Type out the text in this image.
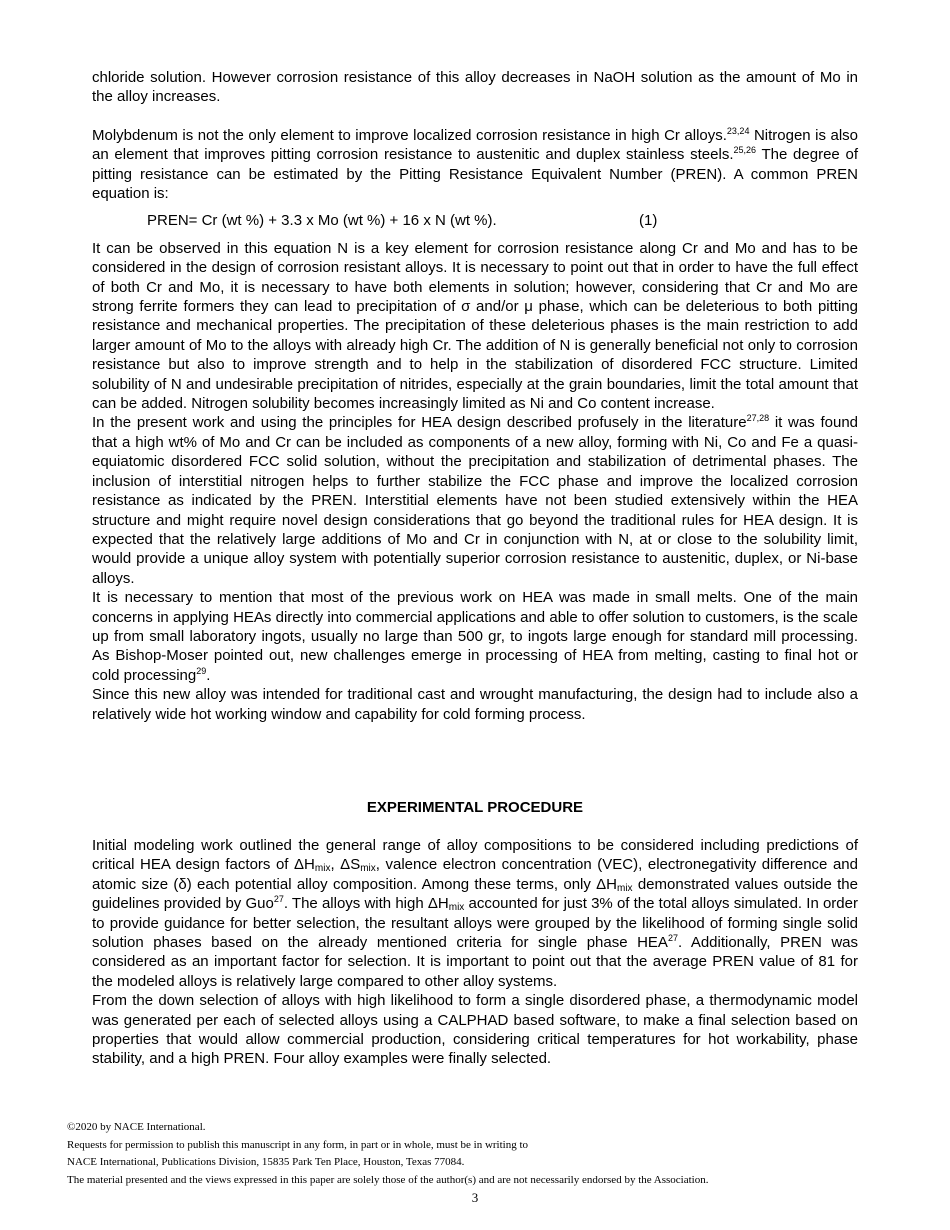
chloride solution. However corrosion resistance of this alloy decreases in NaOH solution as the amount of Mo in the alloy increases.

Molybdenum is not the only element to improve localized corrosion resistance in high Cr alloys.$^{23,24}$ Nitrogen is also an element that improves pitting corrosion resistance to austenitic and duplex stainless steels.$^{25,26}$ The degree of pitting resistance can be estimated by the Pitting Resistance Equivalent Number (PREN). A common PREN equation is:

PREN= Cr (wt %) + 3.3 x Mo (wt %) + 16 x N (wt %).	(1)

It can be observed in this equation N is a key element for corrosion resistance along Cr and Mo and has to be considered in the design of corrosion resistant alloys. It is necessary to point out that in order to have the full effect of both Cr and Mo, it is necessary to have both elements in solution; however, considering that Cr and Mo are strong ferrite formers they can lead to precipitation of σ and/or μ phase, which can be deleterious to both pitting resistance and mechanical properties. The precipitation of these deleterious phases is the main restriction to add larger amount of Mo to the alloys with already high Cr. The addition of N is generally beneficial not only to corrosion resistance but also to improve strength and to help in the stabilization of disordered FCC structure. Limited solubility of N and undesirable precipitation of nitrides, especially at the grain boundaries, limit the total amount that can be added. Nitrogen solubility becomes increasingly limited as Ni and Co content increase.

In the present work and using the principles for HEA design described profusely in the literature$^{27,28}$ it was found that a high wt% of Mo and Cr can be included as components of a new alloy, forming with Ni, Co and Fe a quasi-equiatomic disordered FCC solid solution, without the precipitation and stabilization of detrimental phases. The inclusion of interstitial nitrogen helps to further stabilize the FCC phase and improve the localized corrosion resistance as indicated by the PREN. Interstitial elements have not been studied extensively within the HEA structure and might require novel design considerations that go beyond the traditional rules for HEA design. It is expected that the relatively large additions of Mo and Cr in conjunction with N, at or close to the solubility limit, would provide a unique alloy system with potentially superior corrosion resistance to austenitic, duplex, or Ni-base alloys.

It is necessary to mention that most of the previous work on HEA was made in small melts. One of the main concerns in applying HEAs directly into commercial applications and able to offer solution to customers, is the scale up from small laboratory ingots, usually no large than 500 gr, to ingots large enough for standard mill processing. As Bishop-Moser pointed out, new challenges emerge in processing of HEA from melting, casting to final hot or cold processing$^{29}$.

Since this new alloy was intended for traditional cast and wrought manufacturing, the design had to include also a relatively wide hot working window and capability for cold forming process.

EXPERIMENTAL PROCEDURE

Initial modeling work outlined the general range of alloy compositions to be considered including predictions of critical HEA design factors of $\Delta H_{mix}$, $\Delta S_{mix}$, valence electron concentration (VEC), electronegativity difference and atomic size (δ) each potential alloy composition. Among these terms, only $\Delta H_{mix}$ demonstrated values outside the guidelines provided by Guo$^{27}$. The alloys with high $\Delta H_{mix}$ accounted for just 3% of the total alloys simulated. In order to provide guidance for better selection, the resultant alloys were grouped by the likelihood of forming single solid solution phases based on the already mentioned criteria for single phase HEA$^{27}$. Additionally, PREN was considered as an important factor for selection. It is important to point out that the average PREN value of 81 for the modeled alloys is relatively large compared to other alloy systems.

From the down selection of alloys with high likelihood to form a single disordered phase, a thermodynamic model was generated per each of selected alloys using a CALPHAD based software, to make a final selection based on properties that would allow commercial production, considering critical temperatures for hot workability, phase stability, and a high PREN. Four alloy examples were finally selected.

©2020 by NACE International.

Requests for permission to publish this manuscript in any form, in part or in whole, must be in writing to

NACE International, Publications Division, 15835 Park Ten Place, Houston, Texas 77084.

The material presented and the views expressed in this paper are solely those of the author(s) and are not necessarily endorsed by the Association.

3
